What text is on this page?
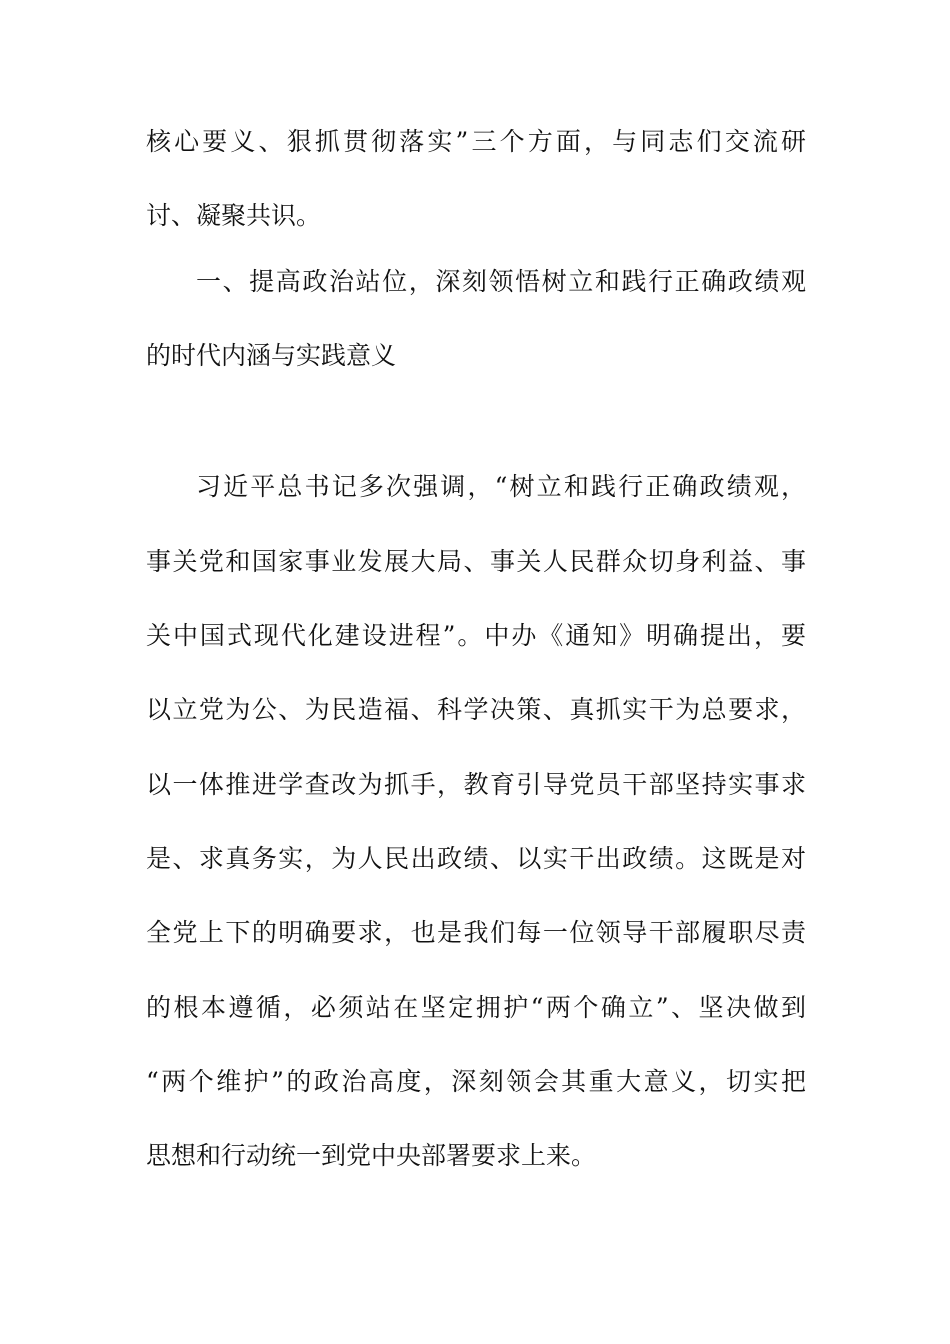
核心要义、狠抓贯彻落实”三个方面，与同志们交流研
讨、凝聚共识。
一、提高政治站位，深刻领悟树立和践行正确政绩观
的时代内涵与实践意义
习近平总书记多次强调，“树立和践行正确政绩观，
事关党和国家事业发展大局、事关人民群众切身利益、事
关中国式现代化建设进程”。中办《通知》明确提出，要
以立党为公、为民造福、科学决策、真抓实干为总要求，
以一体推进学查改为抓手，教育引导党员干部坚持实事求
是、求真务实，为人民出政绩、以实干出政绩。这既是对
全党上下的明确要求，也是我们每一位领导干部履职尽责
的根本遵循，必须站在坚定拥护“两个确立”、坚决做到
“两个维护”的政治高度，深刻领会其重大意义，切实把
思想和行动统一到党中央部署要求上来。
